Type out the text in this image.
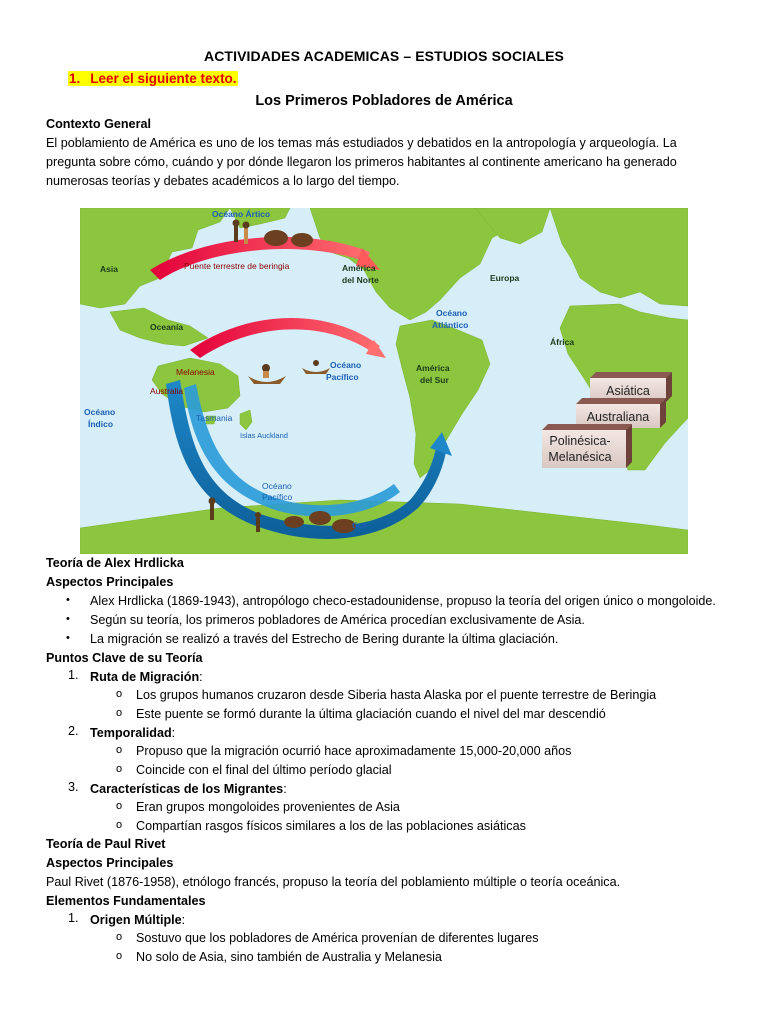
ACTIVIDADES ACADEMICAS – ESTUDIOS SOCIALES
1. Leer el siguiente texto.
Los Primeros Pobladores de América
Contexto General
El poblamiento de América es uno de los temas más estudiados y debatidos en la antropología y arqueología. La
pregunta sobre cómo, cuándo y por dónde llegaron los primeros habitantes al continente americano ha generado
numerosas teorías y debates académicos a lo largo del tiempo.
Océano Ártico
Asia	Puente terrestre de beringia	América
del Norte	Europa
Oceanía
Océano
Atlántico
África
Melanesia
Australia
Océano
Pacífico
América
del Sur
Océano
Índico
Tasmania
Islas Auckland
Océano
Pacífico
tica
Asiática
Australiana
Polinésica-
Melanésica
Teoría de Alex Hrdlicka
Aspectos Principales
• Alex Hrdlicka (1869-1943), antropólogo checo-estadounidense, propuso la teoría del origen único o mongoloide.
• Según su teoría, los primeros pobladores de América procedían exclusivamente de Asia.
• La migración se realizó a través del Estrecho de Bering durante la última glaciación.
Puntos Clave de su Teoría
1. Ruta de Migración:
o Los grupos humanos cruzaron desde Siberia hasta Alaska por el puente terrestre de Beringia
o Este puente se formó durante la última glaciación cuando el nivel del mar descendió
2. Temporalidad:
o Propuso que la migración ocurrió hace aproximadamente 15,000-20,000 años
o Coincide con el final del último período glacial
3. Características de los Migrantes:
o Eran grupos mongoloides provenientes de Asia
o Compartían rasgos físicos similares a los de las poblaciones asiáticas
Teoría de Paul Rivet
Aspectos Principales
Paul Rivet (1876-1958), etnólogo francés, propuso la teoría del poblamiento múltiple o teoría oceánica.
Elementos Fundamentales
1. Origen Múltiple:
o Sostuvo que los pobladores de América provenían de diferentes lugares
o No solo de Asia, sino también de Australia y Melanesia
